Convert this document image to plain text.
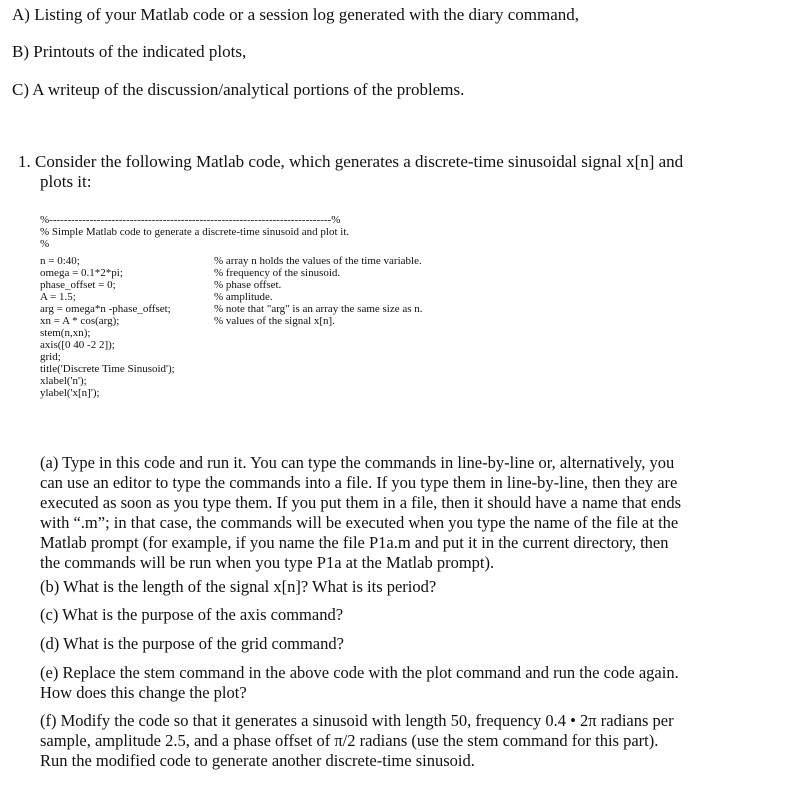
A) Listing of your Matlab code or a session log generated with the diary command,
B) Printouts of the indicated plots,
C) A writeup of the discussion/analytical portions of the problems.
1. Consider the following Matlab code, which generates a discrete-time sinusoidal signal x[n] and
plots it:
%-----------------------------------------------------------------------------%
% Simple Matlab code to generate a discrete-time sinusoid and plot it.
%
n = 0:40;
omega = 0.1*2*pi;
phase_offset = 0;
A = 1.5;
arg = omega*n -phase_offset;
xn = A * cos(arg);
stem(n,xn);
axis([0 40 -2 2]);
grid;
title('Discrete Time Sinusoid');
xlabel('n');
ylabel('x[n]');
% array n holds the values of the time variable.
% frequency of the sinusoid.
% phase offset.
% amplitude.
% note that "arg" is an array the same size as n.
% values of the signal x[n].
(a) Type in this code and run it. You can type the commands in line-by-line or, alternatively, you
can use an editor to type the commands into a file. If you type them in line-by-line, then they are
executed as soon as you type them. If you put them in a file, then it should have a name that ends
with “.m”; in that case, the commands will be executed when you type the name of the file at the
Matlab prompt (for example, if you name the file P1a.m and put it in the current directory, then
the commands will be run when you type P1a at the Matlab prompt).
(b) What is the length of the signal x[n]? What is its period?
(c) What is the purpose of the axis command?
(d) What is the purpose of the grid command?
(e) Replace the stem command in the above code with the plot command and run the code again.
How does this change the plot?
(f) Modify the code so that it generates a sinusoid with length 50, frequency 0.4 • 2π radians per
sample, amplitude 2.5, and a phase offset of π/2 radians (use the stem command for this part).
Run the modified code to generate another discrete-time sinusoid.
